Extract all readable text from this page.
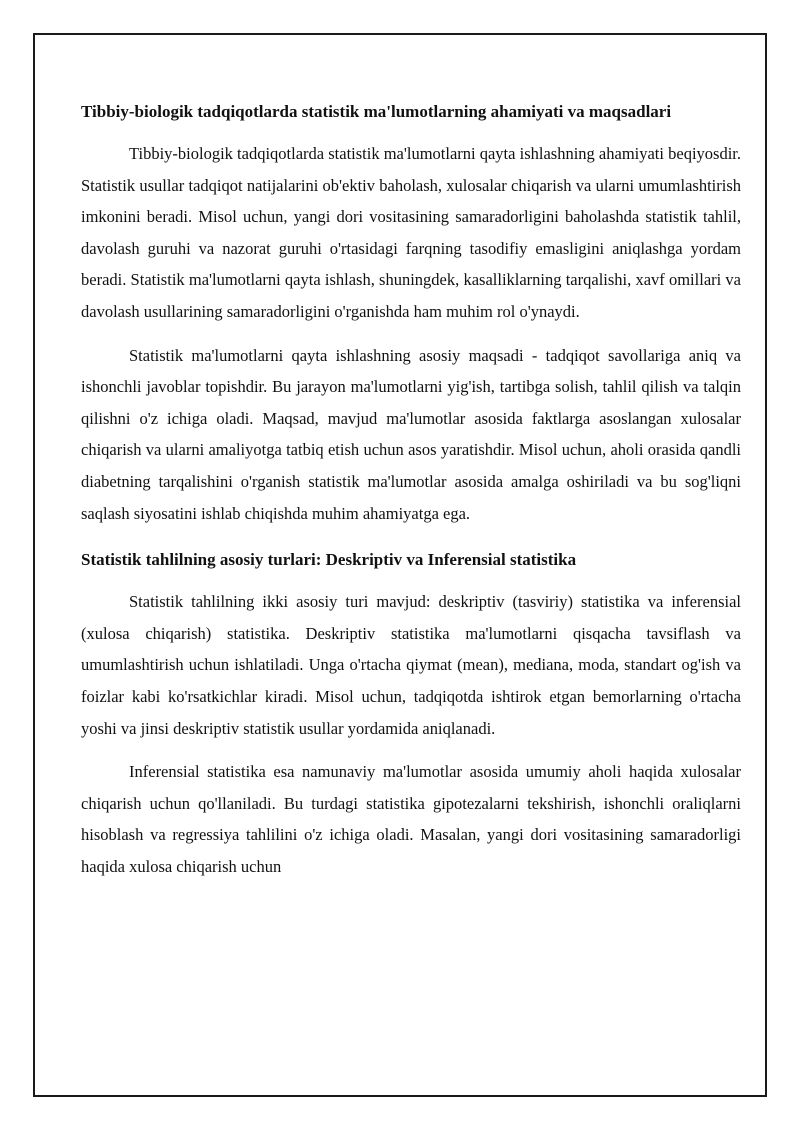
Tibbiy-biologik tadqiqotlarda statistik ma'lumotlarning ahamiyati va maqsadlari

Tibbiy-biologik tadqiqotlarda statistik ma'lumotlarni qayta ishlashning ahamiyati beqiyosdir. Statistik usullar tadqiqot natijalarini ob'ektiv baholash, xulosalar chiqarish va ularni umumlashtirish imkonini beradi. Misol uchun, yangi dori vositasining samaradorligini baholashda statistik tahlil, davolash guruhi va nazorat guruhi o'rtasidagi farqning tasodifiy emasligini aniqlashga yordam beradi. Statistik ma'lumotlarni qayta ishlash, shuningdek, kasalliklarning tarqalishi, xavf omillari va davolash usullarining samaradorligini o'rganishda ham muhim rol o'ynaydi.

Statistik ma'lumotlarni qayta ishlashning asosiy maqsadi - tadqiqot savollariga aniq va ishonchli javoblar topishdir. Bu jarayon ma'lumotlarni yig'ish, tartibga solish, tahlil qilish va talqin qilishni o'z ichiga oladi. Maqsad, mavjud ma'lumotlar asosida faktlarga asoslangan xulosalar chiqarish va ularni amaliyotga tatbiq etish uchun asos yaratishdir. Misol uchun, aholi orasida qandli diabetning tarqalishini o'rganish statistik ma'lumotlar asosida amalga oshiriladi va bu sog'liqni saqlash siyosatini ishlab chiqishda muhim ahamiyatga ega.

Statistik tahlilning asosiy turlari: Deskriptiv va Inferensial statistika

Statistik tahlilning ikki asosiy turi mavjud: deskriptiv (tasviriy) statistika va inferensial (xulosa chiqarish) statistika. Deskriptiv statistika ma'lumotlarni qisqacha tavsiflash va umumlashtirish uchun ishlatiladi. Unga o'rtacha qiymat (mean), mediana, moda, standart og'ish va foizlar kabi ko'rsatkichlar kiradi. Misol uchun, tadqiqotda ishtirok etgan bemorlarning o'rtacha yoshi va jinsi deskriptiv statistik usullar yordamida aniqlanadi.

Inferensial statistika esa namunaviy ma'lumotlar asosida umumiy aholi haqida xulosalar chiqarish uchun qo'llaniladi. Bu turdagi statistika gipotezalarni tekshirish, ishonchli oraliqlarni hisoblash va regressiya tahlilini o'z ichiga oladi. Masalan, yangi dori vositasining samaradorligi haqida xulosa chiqarish uchun
